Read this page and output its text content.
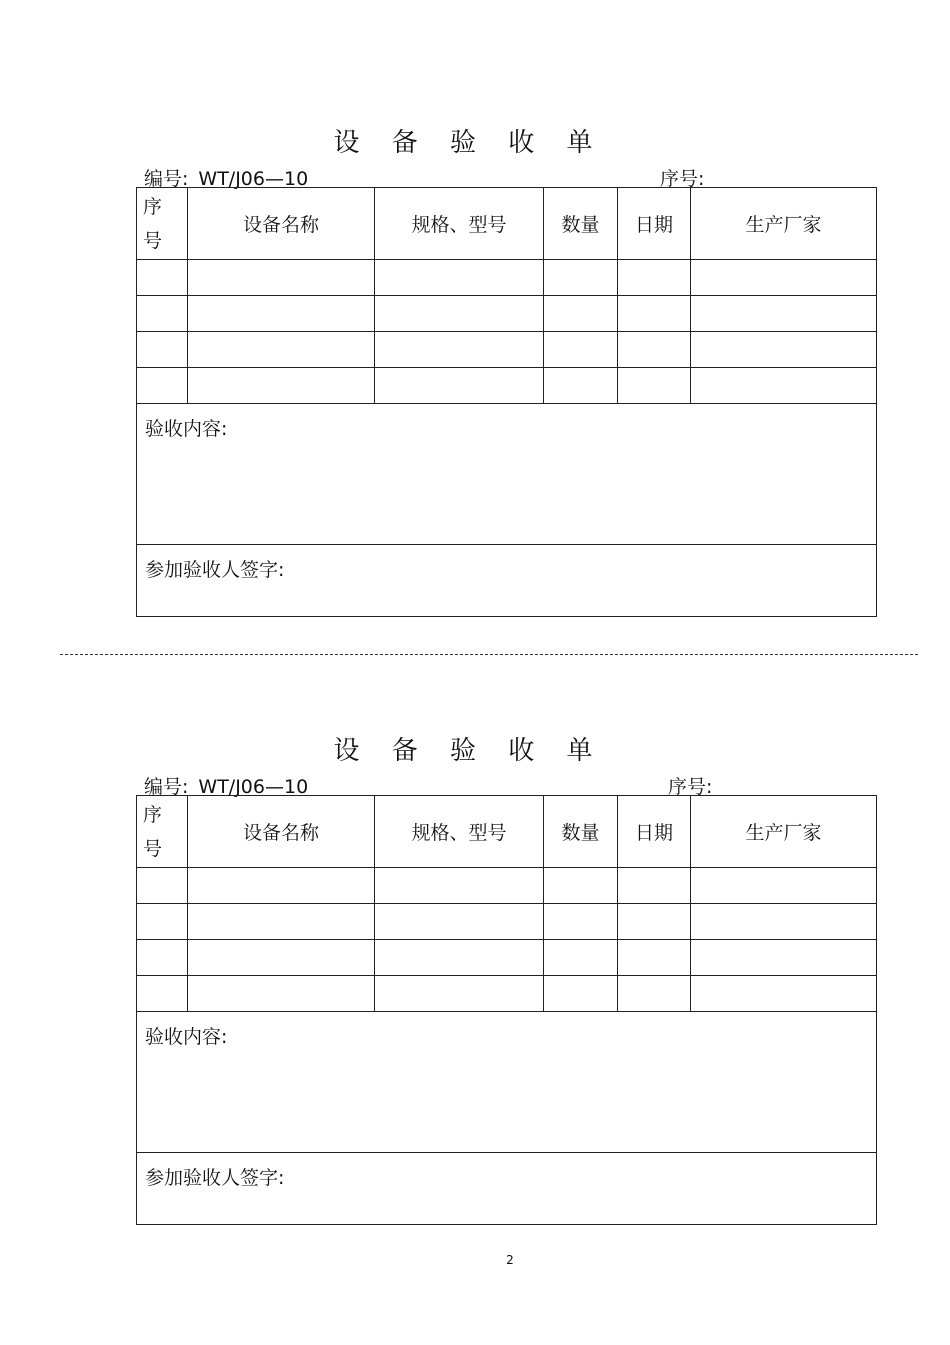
设 备 验 收 单
编号: WT/J06—10	序号:
序
号	设备名称	规格、型号	数量	日期	生产厂家

验收内容:					
参加验收人签字:					
设 备 验 收 单
编号: WT/J06—10	序号:
序
号	设备名称	规格、型号	数量	日期	生产厂家

验收内容:					
参加验收人签字:					
2
